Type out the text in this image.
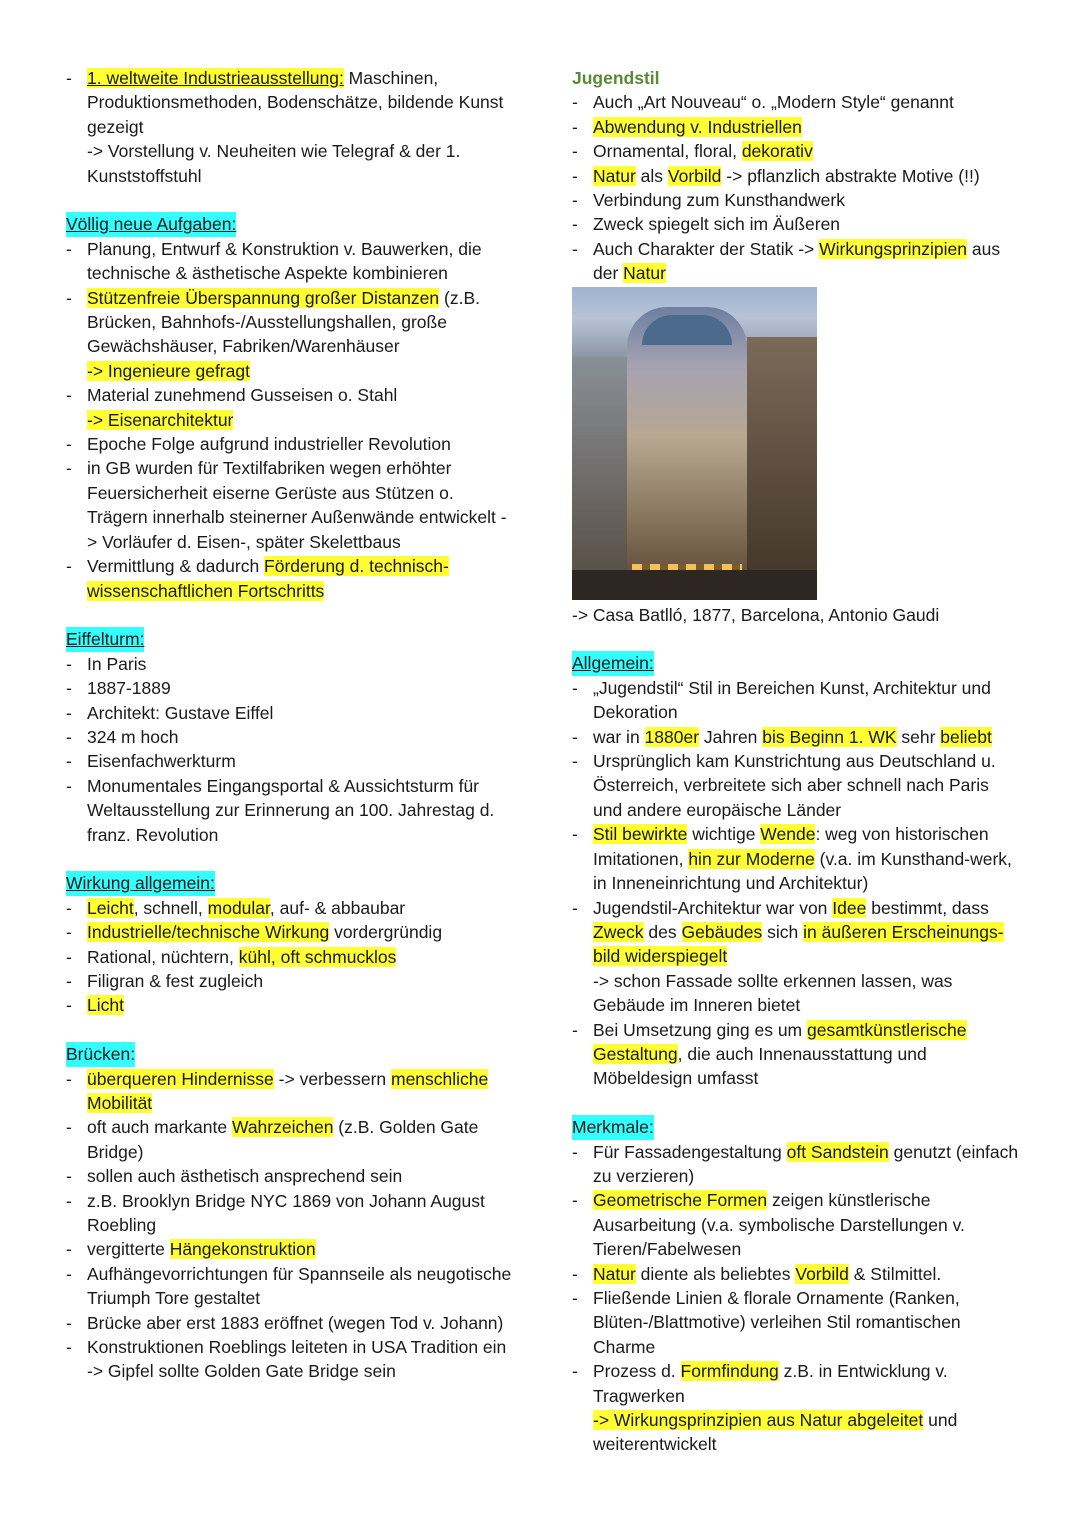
- 1. weltweite Industrieausstellung: Maschinen, Produktionsmethoden, Bodenschätze, bildende Kunst gezeigt
-> Vorstellung v. Neuheiten wie Telegraf & der 1. Kunststoffstuhl
Völlig neue Aufgaben:
- Planung, Entwurf & Konstruktion v. Bauwerken, die technische & ästhetische Aspekte kombinieren
- Stützenfreie Überspannung großer Distanzen (z.B. Brücken, Bahnhofs-/Ausstellungshallen, große Gewächshäuser, Fabriken/Warenhäuser
-> Ingenieure gefragt
- Material zunehmend Gusseisen o. Stahl
-> Eisenarchitektur
- Epoche Folge aufgrund industrieller Revolution
- in GB wurden für Textilfabriken wegen erhöhter Feuersicherheit eiserne Gerüste aus Stützen o. Trägern innerhalb steinerner Außenwände entwickelt -> Vorläufer d. Eisen-, später Skelettbaus
- Vermittlung & dadurch Förderung d. technisch-wissenschaftlichen Fortschritts
Eiffelturm:
- In Paris
- 1887-1889
- Architekt: Gustave Eiffel
- 324 m hoch
- Eisenfachwerkturm
- Monumentales Eingangsportal & Aussichtsturm für Weltausstellung zur Erinnerung an 100. Jahrestag d. franz. Revolution
Wirkung allgemein:
- Leicht, schnell, modular, auf- & abbaubar
- Industrielle/technische Wirkung vordergründig
- Rational, nüchtern, kühl, oft schmucklos
- Filigran & fest zugleich
- Licht
Brücken:
- überqueren Hindernisse -> verbessern menschliche Mobilität
- oft auch markante Wahrzeichen (z.B. Golden Gate Bridge)
- sollen auch ästhetisch ansprechend sein
- z.B. Brooklyn Bridge NYC 1869 von Johann August Roebling
- vergitterte Hängekonstruktion
- Aufhängevorrichtungen für Spannseile als neugotische Triumph Tore gestaltet
- Brücke aber erst 1883 eröffnet (wegen Tod v. Johann)
- Konstruktionen Roeblings leiteten in USA Tradition ein -> Gipfel sollte Golden Gate Bridge sein
Jugendstil
- Auch „Art Nouveau“ o. „Modern Style“ genannt
- Abwendung v. Industriellen
- Ornamental, floral, dekorativ
- Natur als Vorbild -> pflanzlich abstrakte Motive (!!)
- Verbindung zum Kunsthandwerk
- Zweck spiegelt sich im Äußeren
- Auch Charakter der Statik -> Wirkungsprinzipien aus der Natur
-> Casa Batlló, 1877, Barcelona, Antonio Gaudi
Allgemein:
- „Jugendstil“ Stil in Bereichen Kunst, Architektur und Dekoration
- war in 1880er Jahren bis Beginn 1. WK sehr beliebt
- Ursprünglich kam Kunstrichtung aus Deutschland u. Österreich, verbreitete sich aber schnell nach Paris und andere europäische Länder
- Stil bewirkte wichtige Wende: weg von historischen Imitationen, hin zur Moderne (v.a. im Kunsthand-werk, in Inneneinrichtung und Architektur)
- Jugendstil-Architektur war von Idee bestimmt, dass Zweck des Gebäudes sich in äußeren Erscheinungs-bild widerspiegelt
-> schon Fassade sollte erkennen lassen, was Gebäude im Inneren bietet
- Bei Umsetzung ging es um gesamtkünstlerische Gestaltung, die auch Innenausstattung und Möbeldesign umfasst
Merkmale:
- Für Fassadengestaltung oft Sandstein genutzt (einfach zu verzieren)
- Geometrische Formen zeigen künstlerische Ausarbeitung (v.a. symbolische Darstellungen v. Tieren/Fabelwesen
- Natur diente als beliebtes Vorbild & Stilmittel.
- Fließende Linien & florale Ornamente (Ranken, Blüten-/Blattmotive) verleihen Stil romantischen Charme
- Prozess d. Formfindung z.B. in Entwicklung v. Tragwerken
-> Wirkungsprinzipien aus Natur abgeleitet und weiterentwickelt
